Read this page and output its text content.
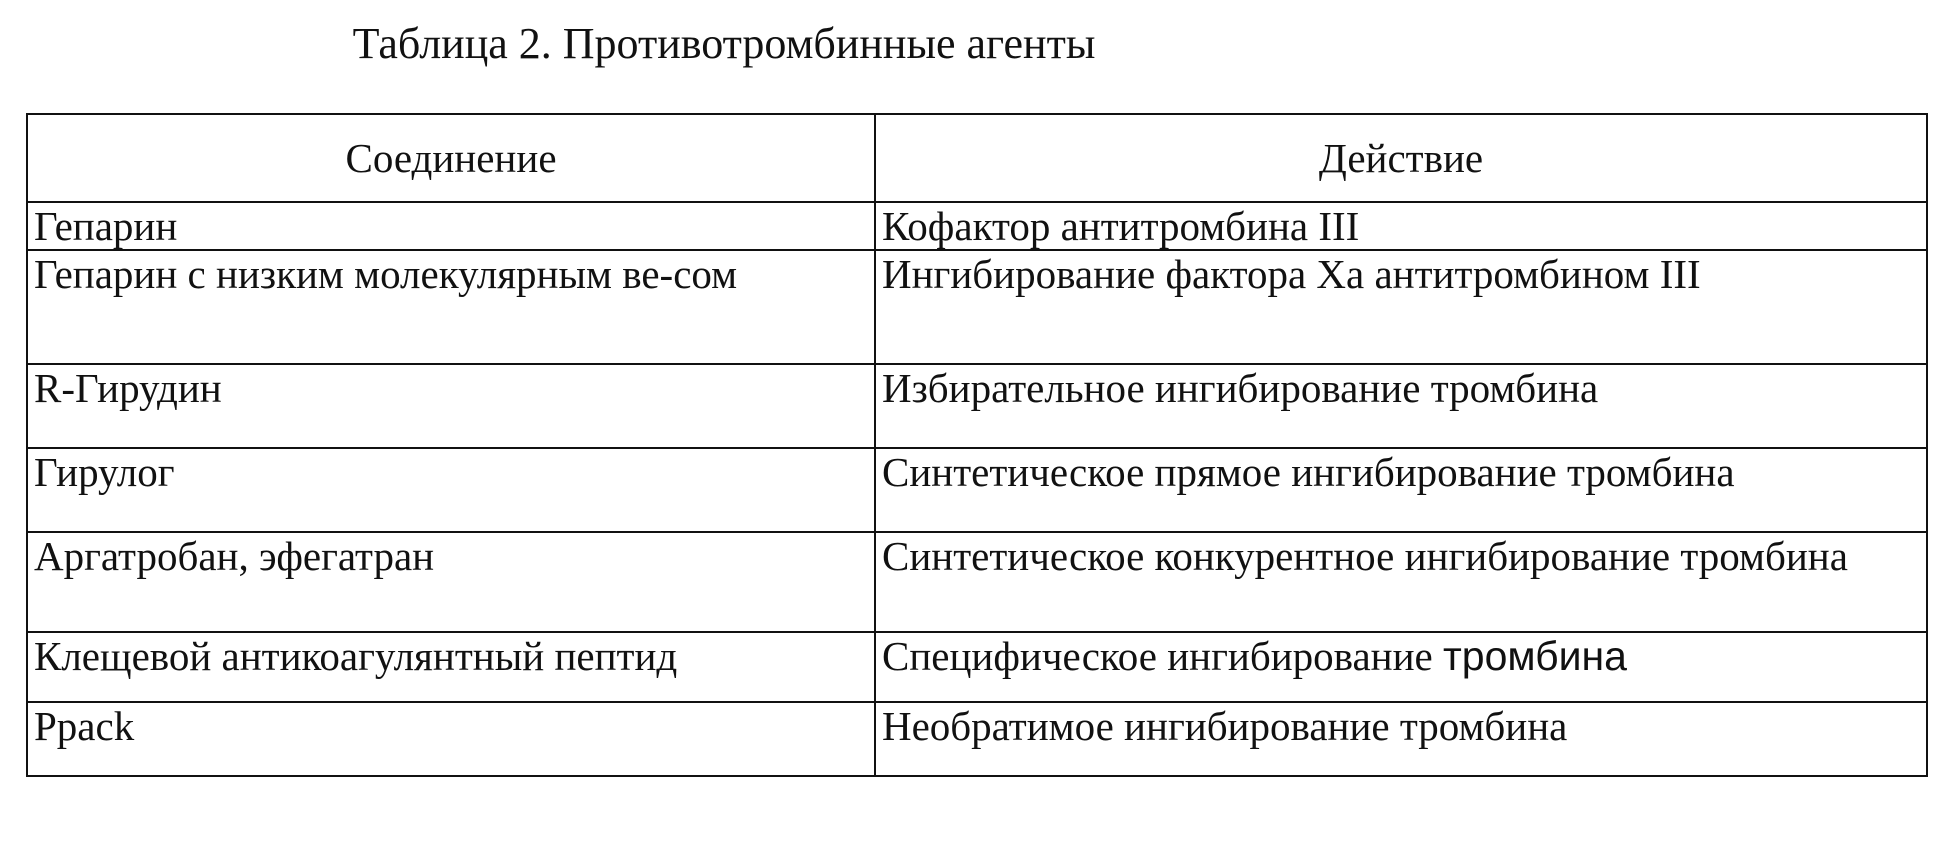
Таблица 2. Противотромбинные агенты
Соединение	Действие
Гепарин	Кофактор антитромбина III
Гепарин с низким молекулярным ве-сом	Ингибирование фактора Ха антитромбином III
R-Гирудин	Избирательное ингибирование тромбина
Гирулог	Синтетическое прямое ингибирование тромбина
Аргатробан, эфегатран	Синтетическое конкурентное ингибирование тромбина
Клещевой антикоагулянтный пептид	Специфическое ингибирование тромбина
Ppack	Необратимое ингибирование тромбина
